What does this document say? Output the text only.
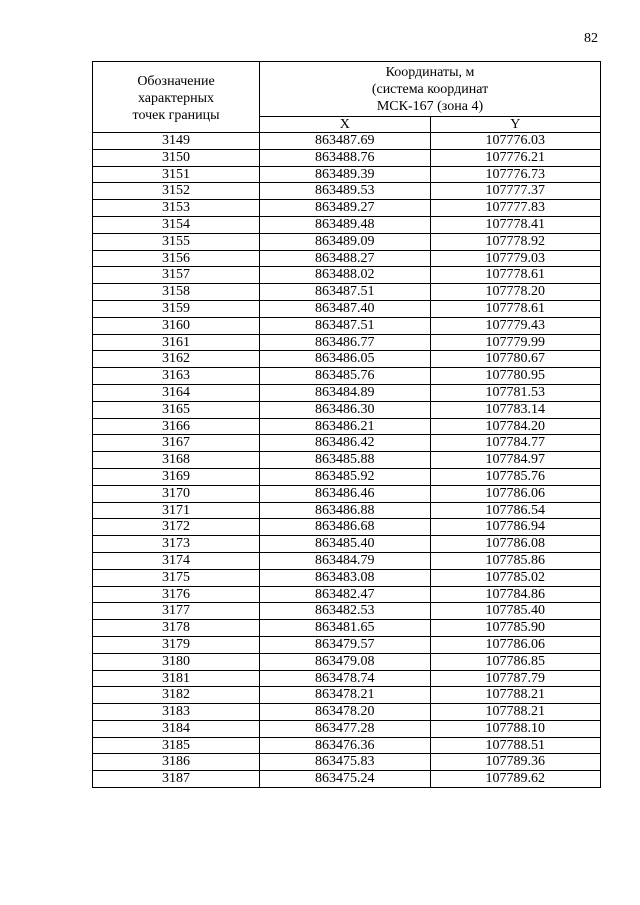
82
Обозначение
характерных
точек границы	Координаты, м
(система координат
МСК-167 (зона 4)	

	X	Y
3149	863487.69	107776.03
3150	863488.76	107776.21
3151	863489.39	107776.73
3152	863489.53	107777.37
3153	863489.27	107777.83
3154	863489.48	107778.41
3155	863489.09	107778.92
3156	863488.27	107779.03
3157	863488.02	107778.61
3158	863487.51	107778.20
3159	863487.40	107778.61
3160	863487.51	107779.43
3161	863486.77	107779.99
3162	863486.05	107780.67
3163	863485.76	107780.95
3164	863484.89	107781.53
3165	863486.30	107783.14
3166	863486.21	107784.20
3167	863486.42	107784.77
3168	863485.88	107784.97
3169	863485.92	107785.76
3170	863486.46	107786.06
3171	863486.88	107786.54
3172	863486.68	107786.94
3173	863485.40	107786.08
3174	863484.79	107785.86
3175	863483.08	107785.02
3176	863482.47	107784.86
3177	863482.53	107785.40
3178	863481.65	107785.90
3179	863479.57	107786.06
3180	863479.08	107786.85
3181	863478.74	107787.79
3182	863478.21	107788.21
3183	863478.20	107788.21
3184	863477.28	107788.10
3185	863476.36	107788.51
3186	863475.83	107789.36
3187	863475.24	107789.62
